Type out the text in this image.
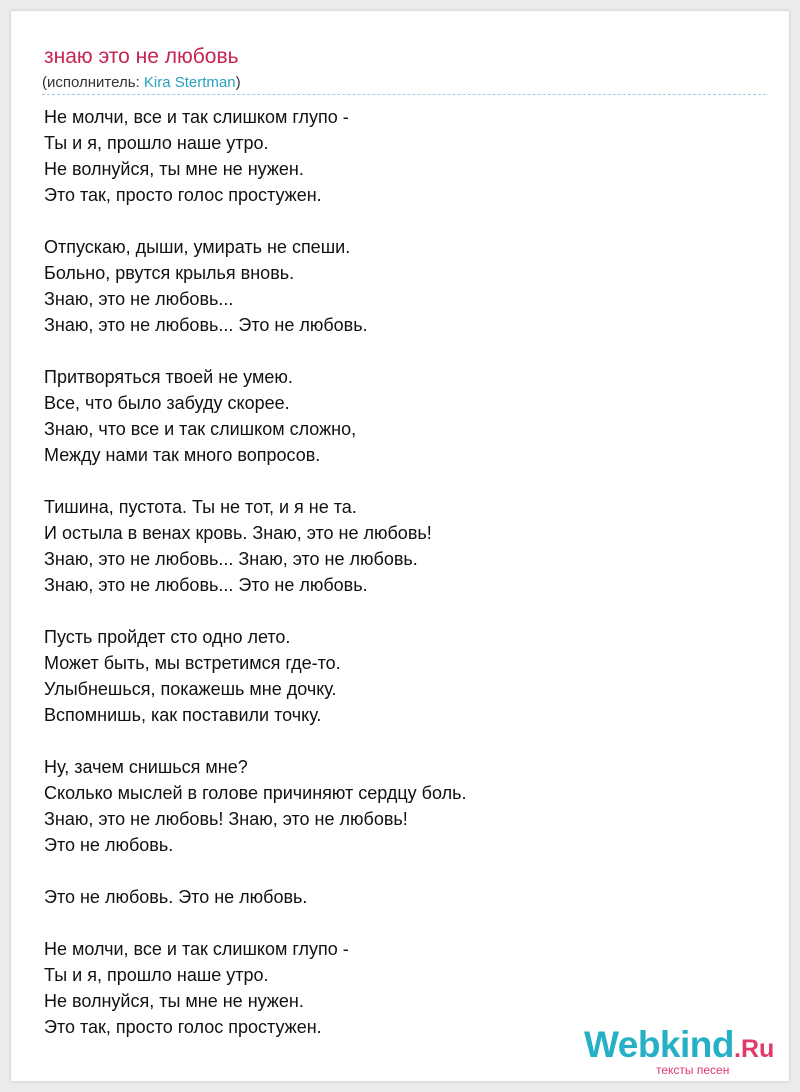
знаю это не любовь
(исполнитель: Kira Stertman)
Не молчи, все и так слишком глупо -
Ты и я, прошло наше утро.
Не волнуйся, ты мне не нужен.
Это так, просто голос простужен.
Отпускаю, дыши, умирать не спеши.
Больно, рвутся крылья вновь.
Знаю, это не любовь...
Знаю, это не любовь... Это не любовь.
Притворяться твоей не умею.
Все, что было забуду скорее.
Знаю, что все и так слишком сложно,
Между нами так много вопросов.
Тишина, пустота. Ты не тот, и я не та.
И остыла в венах кровь. Знаю, это не любовь!
Знаю, это не любовь... Знаю, это не любовь.
Знаю, это не любовь... Это не любовь.
Пусть пройдет сто одно лето.
Может быть, мы встретимся где-то.
Улыбнешься, покажешь мне дочку.
Вспомнишь, как поставили точку.
Ну, зачем снишься мне?
Сколько мыслей в голове причиняют сердцу боль.
Знаю, это не любовь! Знаю, это не любовь!
Это не любовь.
Это не любовь. Это не любовь.
Не молчи, все и так слишком глупо -
Ты и я, прошло наше утро.
Не волнуйся, ты мне не нужен.
Это так, просто голос простужен.	Webkind.Ru
тексты песен
